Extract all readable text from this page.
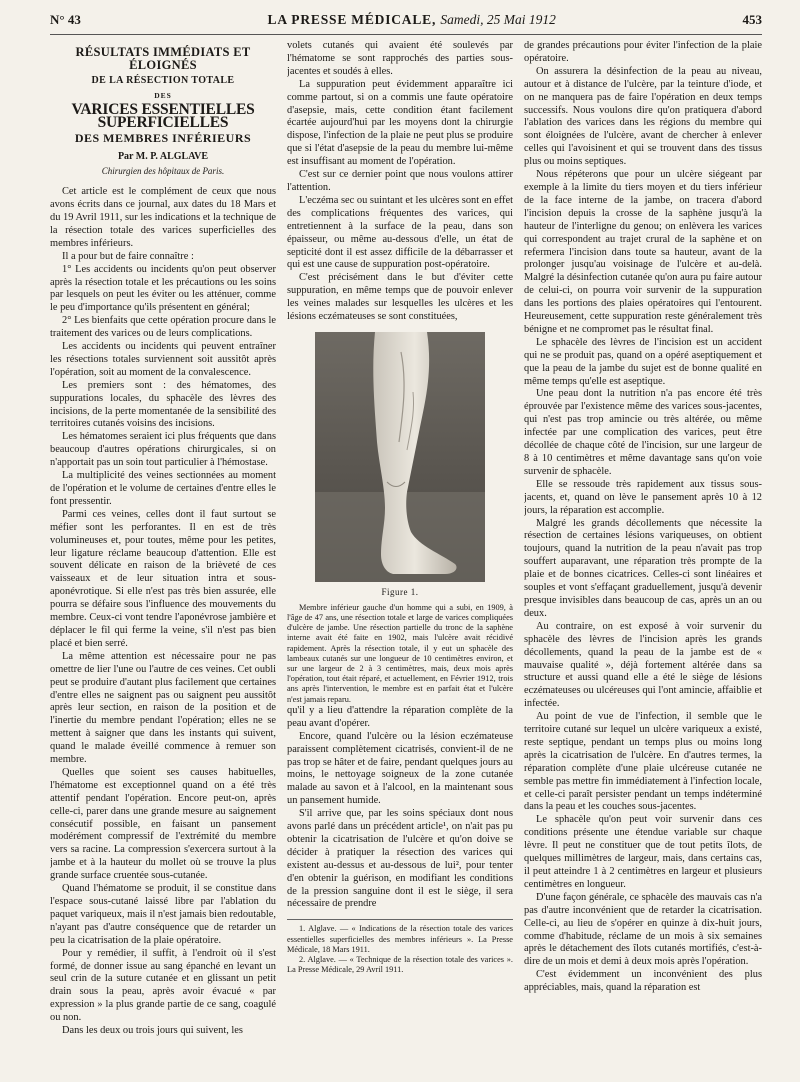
N° 43	LA PRESSE MÉDICALE, Samedi, 25 Mai 1912	453
RÉSULTATS IMMÉDIATS ET ÉLOIGNÉS
DE LA RÉSECTION TOTALE
DES
VARICES ESSENTIELLES SUPERFICIELLES
DES MEMBRES INFÉRIEURS
Par M. P. ALGLAVE
Chirurgien des hôpitaux de Paris.

Cet article est le complément de ceux que nous avons écrits dans ce journal, aux dates du 18 Mars et du 19 Avril 1911, sur les indications et la technique de la résection totale des varices superficielles des membres inférieurs.

Il a pour but de faire connaître :

1° Les accidents ou incidents qu'on peut observer après la résection totale et les précautions ou les soins par lesquels on peut les éviter ou les atténuer, comme le peu d'importance qu'ils présentent en général;

2° Les bienfaits que cette opération procure dans le traitement des varices ou de leurs complications.

Les accidents ou incidents qui peuvent entraîner les résections totales surviennent soit aussitôt après l'opération, soit au moment de la convalescence.

Les premiers sont : des hématomes, des suppurations locales, du sphacèle des lèvres des incisions, de la perte momentanée de la sensibilité des territoires cutanés voisins des incisions.

Les hématomes seraient ici plus fréquents que dans beaucoup d'autres opérations chirurgicales, si on n'apportait pas un soin tout particulier à l'hémostase.

La multiplicité des veines sectionnées au moment de l'opération et le volume de certaines d'entre elles le font pressentir.

Parmi ces veines, celles dont il faut surtout se méfier sont les perforantes. Il en est de très volumineuses et, pour toutes, même pour les petites, leur ligature réclame beaucoup d'attention. Elle est souvent délicate en raison de la brièveté de ces vaisseaux et de leur situation intra et sous-aponévrotique. Si elle n'est pas très bien assurée, elle pourra se défaire sous l'influence des mouvements du membre. Ceux-ci vont tendre l'aponévrose jambière et déplacer le fil qui ferme la veine, s'il n'est pas bien placé et bien serré.

La même attention est nécessaire pour ne pas omettre de lier l'une ou l'autre de ces veines. Cet oubli peut se produire d'autant plus facilement que certaines d'entre elles ne saignent pas ou saignent peu aussitôt après leur section, en raison de la position et de l'inertie du membre pendant l'opération; elles ne se mettent à saigner que dans les instants qui suivent, quand le malade éveillé commence à remuer son membre.

Quelles que soient ses causes habituelles, l'hématome est exceptionnel quand on a été très attentif pendant l'opération. Encore peut-on, après celle-ci, parer dans une grande mesure au saignement consécutif possible, en faisant un pansement modérément compressif de l'extrémité du membre vers sa racine. La compression s'exercera surtout à la jambe et à la hauteur du mollet où se trouve la plus grande surface cruentée sous-cutanée.

Quand l'hématome se produit, il se constitue dans l'espace sous-cutané laissé libre par l'ablation du paquet variqueux, mais il n'est jamais bien redoutable, n'ayant pas d'autre conséquence que de retarder un peu la cicatrisation de la plaie opératoire.

Pour y remédier, il suffit, à l'endroit où il s'est formé, de donner issue au sang épanché en levant un seul crin de la suture cutanée et en glissant un petit drain sous la peau, après avoir évacué « par expression » la plus grande partie de ce sang, coagulé ou non.

Dans les deux ou trois jours qui suivent, les

volets cutanés qui avaient été soulevés par l'hématome se sont rapprochés des parties sous-jacentes et soudés à elles.

La suppuration peut évidemment apparaître ici comme partout, si on a commis une faute opératoire d'asepsie, mais, cette condition étant facilement écartée aujourd'hui par les moyens dont la chirurgie dispose, l'infection de la plaie ne peut plus se produire que si l'état d'asepsie de la peau du membre lui-même est insuffisant au moment de l'opération.

C'est sur ce dernier point que nous voulons attirer l'attention.

L'eczéma sec ou suintant et les ulcères sont en effet des complications fréquentes des varices, qui entretiennent à la surface de la peau, dans son épaisseur, ou même au-dessous d'elle, un état de septicité dont il est assez difficile de la débarrasser et qui est une cause de suppuration post-opératoire.

C'est précisément dans le but d'éviter cette suppuration, en même temps que de pouvoir enlever les veines malades sur lesquelles les ulcères et les lésions eczémateuses se sont constituées,

Figure 1.

Membre inférieur gauche d'un homme qui a subi, en 1909, à l'âge de 47 ans, une résection totale et large de varices compliquées d'ulcère de jambe. Une résection partielle du tronc de la saphène interne avait été faite en 1902, mais l'ulcère avait récidivé rapidement. Après la résection totale, il y eut un sphacèle des lambeaux cutanés sur une longueur de 10 centimètres environ, et sur une largeur de 2 à 3 centimètres, mais, deux mois après l'opération, tout était réparé, et actuellement, en Février 1912, trois ans après l'intervention, le membre est en parfait état et l'ulcère n'est jamais reparu.

qu'il y a lieu d'attendre la réparation complète de la peau avant d'opérer.

Encore, quand l'ulcère ou la lésion eczémateuse paraissent complètement cicatrisés, convient-il de ne pas trop se hâter et de faire, pendant quelques jours au moins, le nettoyage soigneux de la zone cutanée malade au savon et à l'alcool, en la maintenant sous un pansement humide.

S'il arrive que, par les soins spéciaux dont nous avons parlé dans un précédent article¹, on n'ait pas pu obtenir la cicatrisation de l'ulcère et qu'on doive se décider à pratiquer la résection des varices qui existent au-dessus et au-dessous de lui², pour tenter d'en obtenir la guérison, en modifiant les conditions de la pression sanguine dont il est le siège, il sera nécessaire de prendre

1. Alglave. — « Indications de la résection totale des varices essentielles superficielles des membres inférieurs ». La Presse Médicale, 18 Mars 1911.

2. Alglave. — « Technique de la résection totale des varices ». La Presse Médicale, 29 Avril 1911.

de grandes précautions pour éviter l'infection de la plaie opératoire.

On assurera la désinfection de la peau au niveau, autour et à distance de l'ulcère, par la teinture d'iode, et on ne manquera pas de faire l'opération en deux temps successifs. Nous voulons dire qu'on pratiquera d'abord l'ablation des varices dans les régions du membre qui sont éloignées de l'ulcère, avant de chercher à enlever celles qui l'avoisinent et qui se trouvent dans des tissus plus ou moins septiques.

Nous répéterons que pour un ulcère siégeant par exemple à la limite du tiers moyen et du tiers inférieur de la face interne de la jambe, on tracera d'abord l'incision depuis la crosse de la saphène jusqu'à la hauteur de l'interligne du genou; on enlèvera les varices qui correspondent au trajet crural de la saphène et on refermera l'incision dans toute sa hauteur, avant de la prolonger jusqu'au voisinage de l'ulcère et au-delà. Malgré la désinfection cutanée qu'on aura pu faire autour de celui-ci, on pourra voir survenir de la suppuration dans les portions des plaies opératoires qui l'entourent. Heureusement, cette suppuration reste généralement très bénigne et ne compromet pas le résultat final.

Le sphacèle des lèvres de l'incision est un accident qui ne se produit pas, quand on a opéré aseptiquement et que la peau de la jambe du sujet est de bonne qualité en même temps qu'elle est aseptique.

Une peau dont la nutrition n'a pas encore été très éprouvée par l'existence même des varices sous-jacentes, qui n'est pas trop amincie ou très altérée, ou même infectée par une complication des varices, peut être décollée de chaque côté de l'incision, sur une largeur de 8 à 10 centimètres et même davantage sans qu'on voie survenir de sphacèle.

Elle se ressoude très rapidement aux tissus sous-jacents, et, quand on lève le pansement après 10 à 12 jours, la réparation est accomplie.

Malgré les grands décollements que nécessite la résection de certaines lésions variqueuses, on obtient toujours, quand la nutrition de la peau n'avait pas trop souffert auparavant, une réparation très prompte de la plaie et de bonnes cicatrices. Celles-ci sont linéaires et souples et vont s'effaçant graduellement, jusqu'à devenir presque invisibles dans beaucoup de cas, après un an ou deux.

Au contraire, on est exposé à voir survenir du sphacèle des lèvres de l'incision après les grands décollements, quand la peau de la jambe est de « mauvaise qualité », déjà fortement altérée dans sa structure et aussi quand elle a été le siège de lésions eczémateuses ou ulcéreuses qui l'ont amincie, affaiblie et infectée.

Au point de vue de l'infection, il semble que le territoire cutané sur lequel un ulcère variqueux a existé, reste septique, pendant un temps plus ou moins long après la cicatrisation de l'ulcère. En d'autres termes, la réparation complète d'une plaie ulcéreuse cutanée ne semble pas mettre fin immédiatement à l'infection locale, et celle-ci paraît persister pendant un temps indéterminé dans la peau et les couches sous-jacentes.

Le sphacèle qu'on peut voir survenir dans ces conditions présente une étendue variable sur chaque lèvre. Il peut ne constituer que de tout petits îlots, de quelques millimètres de largeur, mais, dans certains cas, il peut atteindre 1 à 2 centimètres en largeur et plusieurs centimètres en longueur.

D'une façon générale, ce sphacèle des mauvais cas n'a pas d'autre inconvénient que de retarder la cicatrisation. Celle-ci, au lieu de s'opérer en quinze à dix-huit jours, comme d'habitude, réclame de un mois à six semaines après le détachement des îlots cutanés mortifiés, c'est-à-dire de un mois et demi à deux mois après l'opération.

C'est évidemment un inconvénient des plus appréciables, mais, quand la réparation est
